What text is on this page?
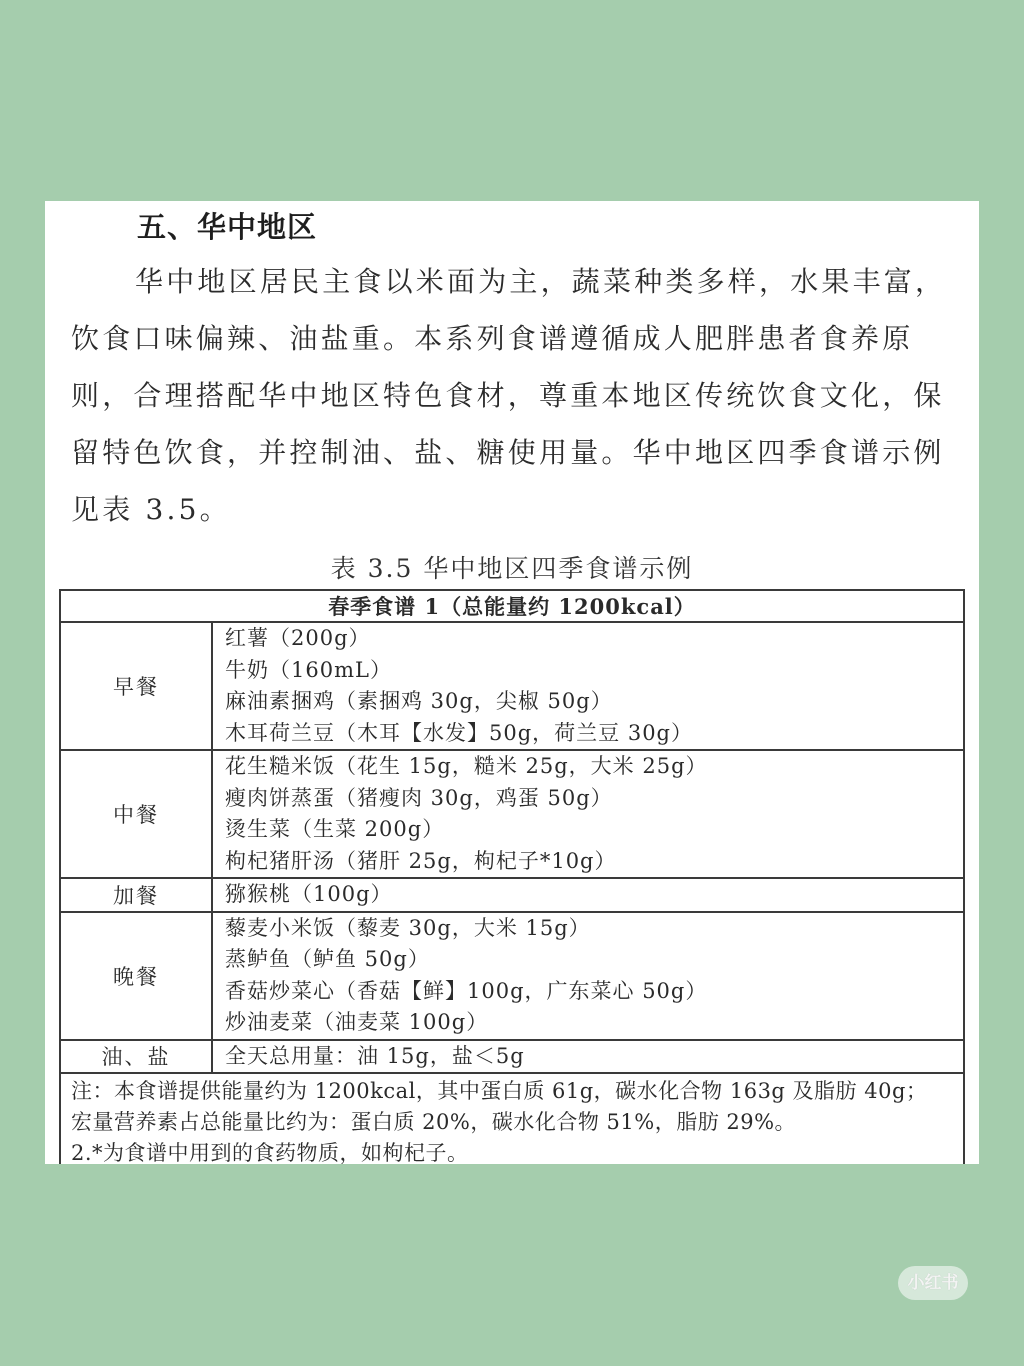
五、华中地区
华中地区居民主食以米面为主，蔬菜种类多样，水果丰富，饮食口味偏辣、油盐重。本系列食谱遵循成人肥胖患者食养原则，合理搭配华中地区特色食材，尊重本地区传统饮食文化，保留特色饮食，并控制油、盐、糖使用量。华中地区四季食谱示例见表 3.5。
表 3.5 华中地区四季食谱示例
春季食谱 1（总能量约 1200kcal）	
早餐	红薯（200g）
牛奶（160mL）
麻油素捆鸡（素捆鸡 30g，尖椒 50g）
木耳荷兰豆（木耳【水发】50g，荷兰豆 30g）

中餐	花生糙米饭（花生 15g，糙米 25g，大米 25g）
瘦肉饼蒸蛋（猪瘦肉 30g，鸡蛋 50g）
烫生菜（生菜 200g）
枸杞猪肝汤（猪肝 25g，枸杞子*10g）

加餐	猕猴桃（100g）

晚餐	藜麦小米饭（藜麦 30g，大米 15g）
蒸鲈鱼（鲈鱼 50g）
香菇炒菜心（香菇【鲜】100g，广东菜心 50g）
炒油麦菜（油麦菜 100g）

油、盐	全天总用量：油 15g，盐＜5g

注：本食谱提供能量约为 1200kcal，其中蛋白质 61g，碳水化合物 163g 及脂肪 40g；
宏量营养素占总能量比约为：蛋白质 20%，碳水化合物 51%，脂肪 29%。
2.*为食谱中用到的食药物质，如枸杞子。	
小红书
